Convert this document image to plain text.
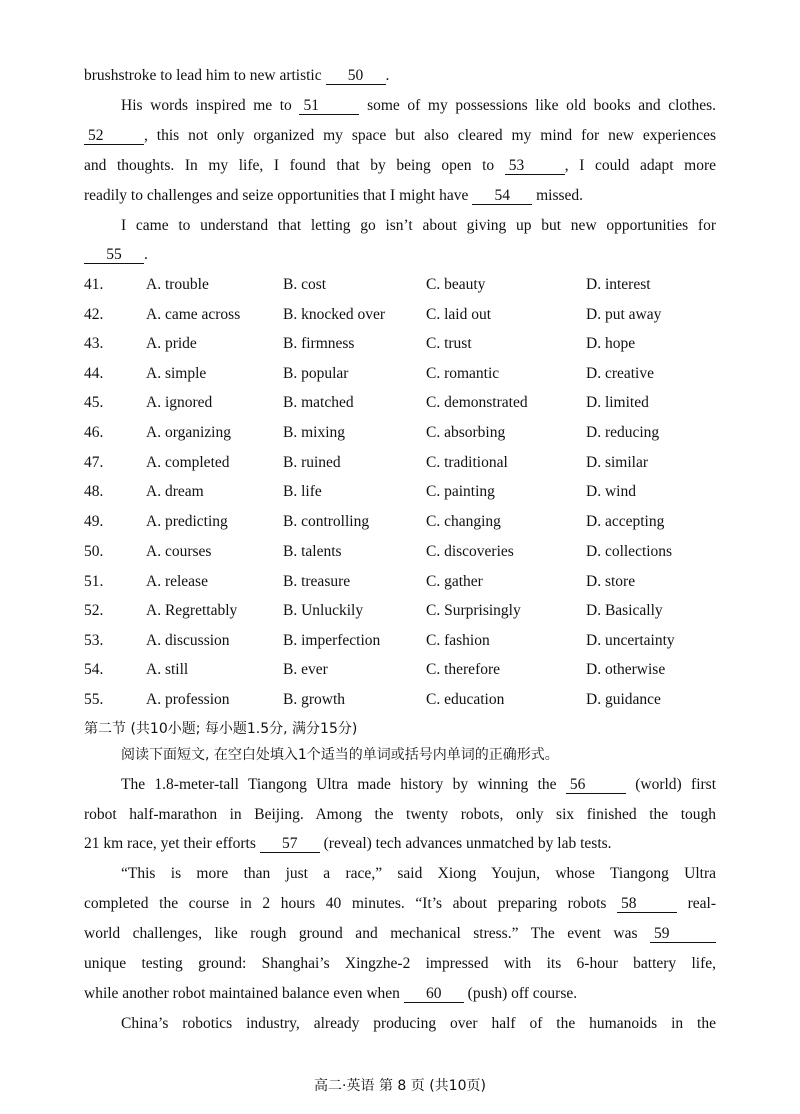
brushstroke to lead him to new artistic 50 .
His words inspired me to 51	some of my possessions like old books and clothes.
52	, this not only organized my space but also cleared my mind for new experiences
and thoughts. In my life, I found that by being open to 53	, I could adapt more
readily to challenges and seize opportunities that I might have 54 missed.
I came to understand that letting go isn’t about giving up but new opportunities for
55 .
41.	A. trouble	B. cost	C. beauty	D. interest
42.	A. came across	B. knocked over	C. laid out	D. put away
43.	A. pride	B. firmness	C. trust	D. hope
44.	A. simple	B. popular	C. romantic	D. creative
45.	A. ignored	B. matched	C. demonstrated	D. limited
46.	A. organizing	B. mixing	C. absorbing	D. reducing
47.	A. completed	B. ruined	C. traditional	D. similar
48.	A. dream	B. life	C. painting	D. wind
49.	A. predicting	B. controlling	C. changing	D. accepting
50.	A. courses	B. talents	C. discoveries	D. collections
51.	A. release	B. treasure	C. gather	D. store
52.	A. Regrettably	B. Unluckily	C. Surprisingly	D. Basically
53.	A. discussion	B. imperfection	C. fashion	D. uncertainty
54.	A. still	B. ever	C. therefore	D. otherwise
55.	A. profession	B. growth	C. education	D. guidance
第二节 (共10小题; 每小题1.5分, 满分15分)
阅读下面短文, 在空白处填入1个适当的单词或括号内单词的正确形式。
The 1.8-meter-tall Tiangong Ultra made history by winning the 56	(world) first
robot half-marathon in Beijing. Among the twenty robots, only six finished the tough
21 km race, yet their efforts 57 (reveal) tech advances unmatched by lab tests.
“This is more than just a race,” said Xiong Youjun, whose Tiangong Ultra
completed the course in 2 hours 40 minutes. “It’s about preparing robots 58	real-
world challenges, like rough ground and mechanical stress.” The event was 59
unique testing ground: Shanghai’s Xingzhe-2 impressed with its 6-hour battery life,
while another robot maintained balance even when 60 (push) off course.
China’s robotics industry, already producing over half of the humanoids in the
高二·英语 第 8 页 (共10页)
